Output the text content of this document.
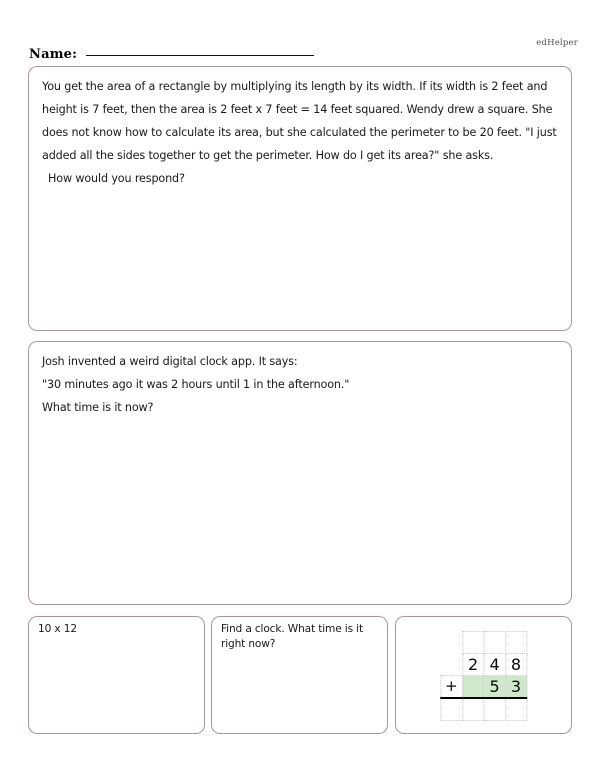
edHelper
Name:

You get the area of a rectangle by multiplying its length by its width. If its width is 2 feet and height is 7 feet, then the area is 2 feet x 7 feet = 14 feet squared. Wendy drew a square. She does not know how to calculate its area, but she calculated the perimeter to be 20 feet. "I just added all the sides together to get the perimeter. How do I get its area?" she asks.

How would you respond?

Josh invented a weird digital clock app. It says:

"30 minutes ago it was 2 hours until 1 in the afternoon."

What time is it now?

10 x 12	Find a clock. What time is it right now?

	2	4	8
+		5	3
